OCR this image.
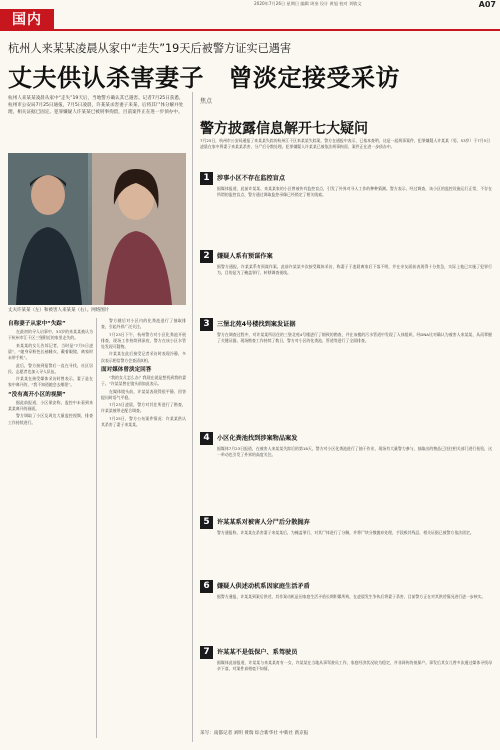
2020年7月26日 星期日 编辑 周奎 设计 黄旭 校对 刘敏文	A07
国内
杭州人来某某凌晨从家中“走失”19天后被警方证实已遇害
丈夫供认杀害妻子　曾淡定接受采访
杭州人来某某凌晨从家中“走失”19天后，当地警方确认其已遇害。记者7月25日获悉，杭州市公安局7月25日通报，7月5日凌晨，许某某杀害妻子来某，后将其尸体分解并处理，相关证据已固定。犯罪嫌疑人许某某已被刑事拘留，目前案件正在进一步侦办中。
丈夫许某某（左）和被害人来某某（右）。网络图片
自称妻子从家中“失踪”

在最初的寻人启事中，53岁的来某某被认为于杭州市江干区三堡附近的家里走失的。

来某某的女儿告诉记者，当时是“7月5日凌晨”，“她身穿粉色长袖睡衣，戴着眼镜，离家时未带手机”。

此后，警方接到报警后一直在寻找，社区居民、志愿者也加入寻人队伍。

许某某在接受媒体采访时曾表示，妻子是在家中离开的，“我不知道她会去哪里”。

“没有离开小区的视频”

据此前报道，小区保安称，监控中未看到来某某离开的画面。

警方调取了小区及周边大量监控视频，排查工作持续进行。

警方随后对小区内的化粪池进行了抽取排查，引起外界广泛关注。

7月23日下午，杭州警方对小区化粪池开展排查，现场工作持续到深夜，警方在该小区水管处发现可疑物。

许某某在此后接受记者采访时表现冷静，多次表示相信警方会查清真相。

面对媒体曾淡定回答

“我的女儿怎么办？我现在就是想找到我的妻子。”许某某曾在镜头前如此表示。

在媒体镜头前，许某某表现得很平静，回答提问时语气平稳。

7月23日凌晨，警方对其住所进行了勘查，许某某被带走配合调查。

7月25日，警方公布案件情况：许某某供认其杀害了妻子来某某。

焦点
警方披露信息解开七大疑问
7月25日，杭州市公安局通报了来某某失踪的杭州江干区来某某失踪案，警方在通报中表示，已基本查明，这是一起刑事案件，犯罪嫌疑人许某某（男，53岁）于7月5日凌晨在家中将妻子来某某杀害，分尸后分散处理。犯罪嫌疑人许某某已被依法刑事拘留，案件正在进一步侦办中。
1	涉事小区不存在监控盲点
据媒体报道，此前许某某、来某某家的小区曾被传有监控盲点，引发了外界对寻人工作的种种猜测。警方表示，经过调查，该小区的监控设施运行正常，不存在所谓的监控盲点，警方通过调取监控录像已经锁定了相关线索。
2	嫌疑人系有预谋作案
据警方通报，许某某系有预谋作案。此前许某某多次接受媒体采访，称妻子于凌晨离家后下落不明，并在亲友面前表现得十分焦急，实际上他已实施了犯罪行为，目的是为了掩盖罪行、转移调查视线。
3	三堡北苑4号楼找到案发证据
警方在调查过程中，对许某某所居住的三堡北苑4号楼进行了细致的勘查，并在该楼的污水管道中发现了人体组织，经DNA比对确认为被害人来某某，从而掌握了关键证据。现场勘查工作持续了数日，警方对小区的化粪池、管道等进行了全面排查。
4	小区化粪池找到涉案物品案发
据媒体7月23日报道，在被害人来某某失踪后的第18天，警方对小区化粪池进行了抽干作业，现场有大量警力参与，抽取出的物品已送往相关部门进行检验，这一举动也引发了外界的高度关注。
5	许某某系对被害人分尸后分散抛弃
警方通报称，许某某在杀害妻子来某某后，为掩盖罪行，对其尸体进行了分解，并将尸块分散抛弃处理，手段极其残忍，相关证据已被警方依法固定。
6	嫌疑人供述动机系因家庭生活矛盾
据警方通报，许某某到案后供述，其作案动机是因家庭生活矛盾长期积累所致，在凌晨发生争执后将妻子杀害，目前警方正在对其供述情况进行进一步核实。
7	许某某不是低保户、系驾驶员
据媒体此前报道，许某某与来某某育有一女，许某某在当地从事驾驶员工作，家庭经济状况较为稳定，并非网传的低保户。事发后其女儿曾多次通过媒体寻找母亲下落，对案件真相毫不知情。
采写：南都记者 刘明 黄瑞 综合新华社 中新社 新京报
